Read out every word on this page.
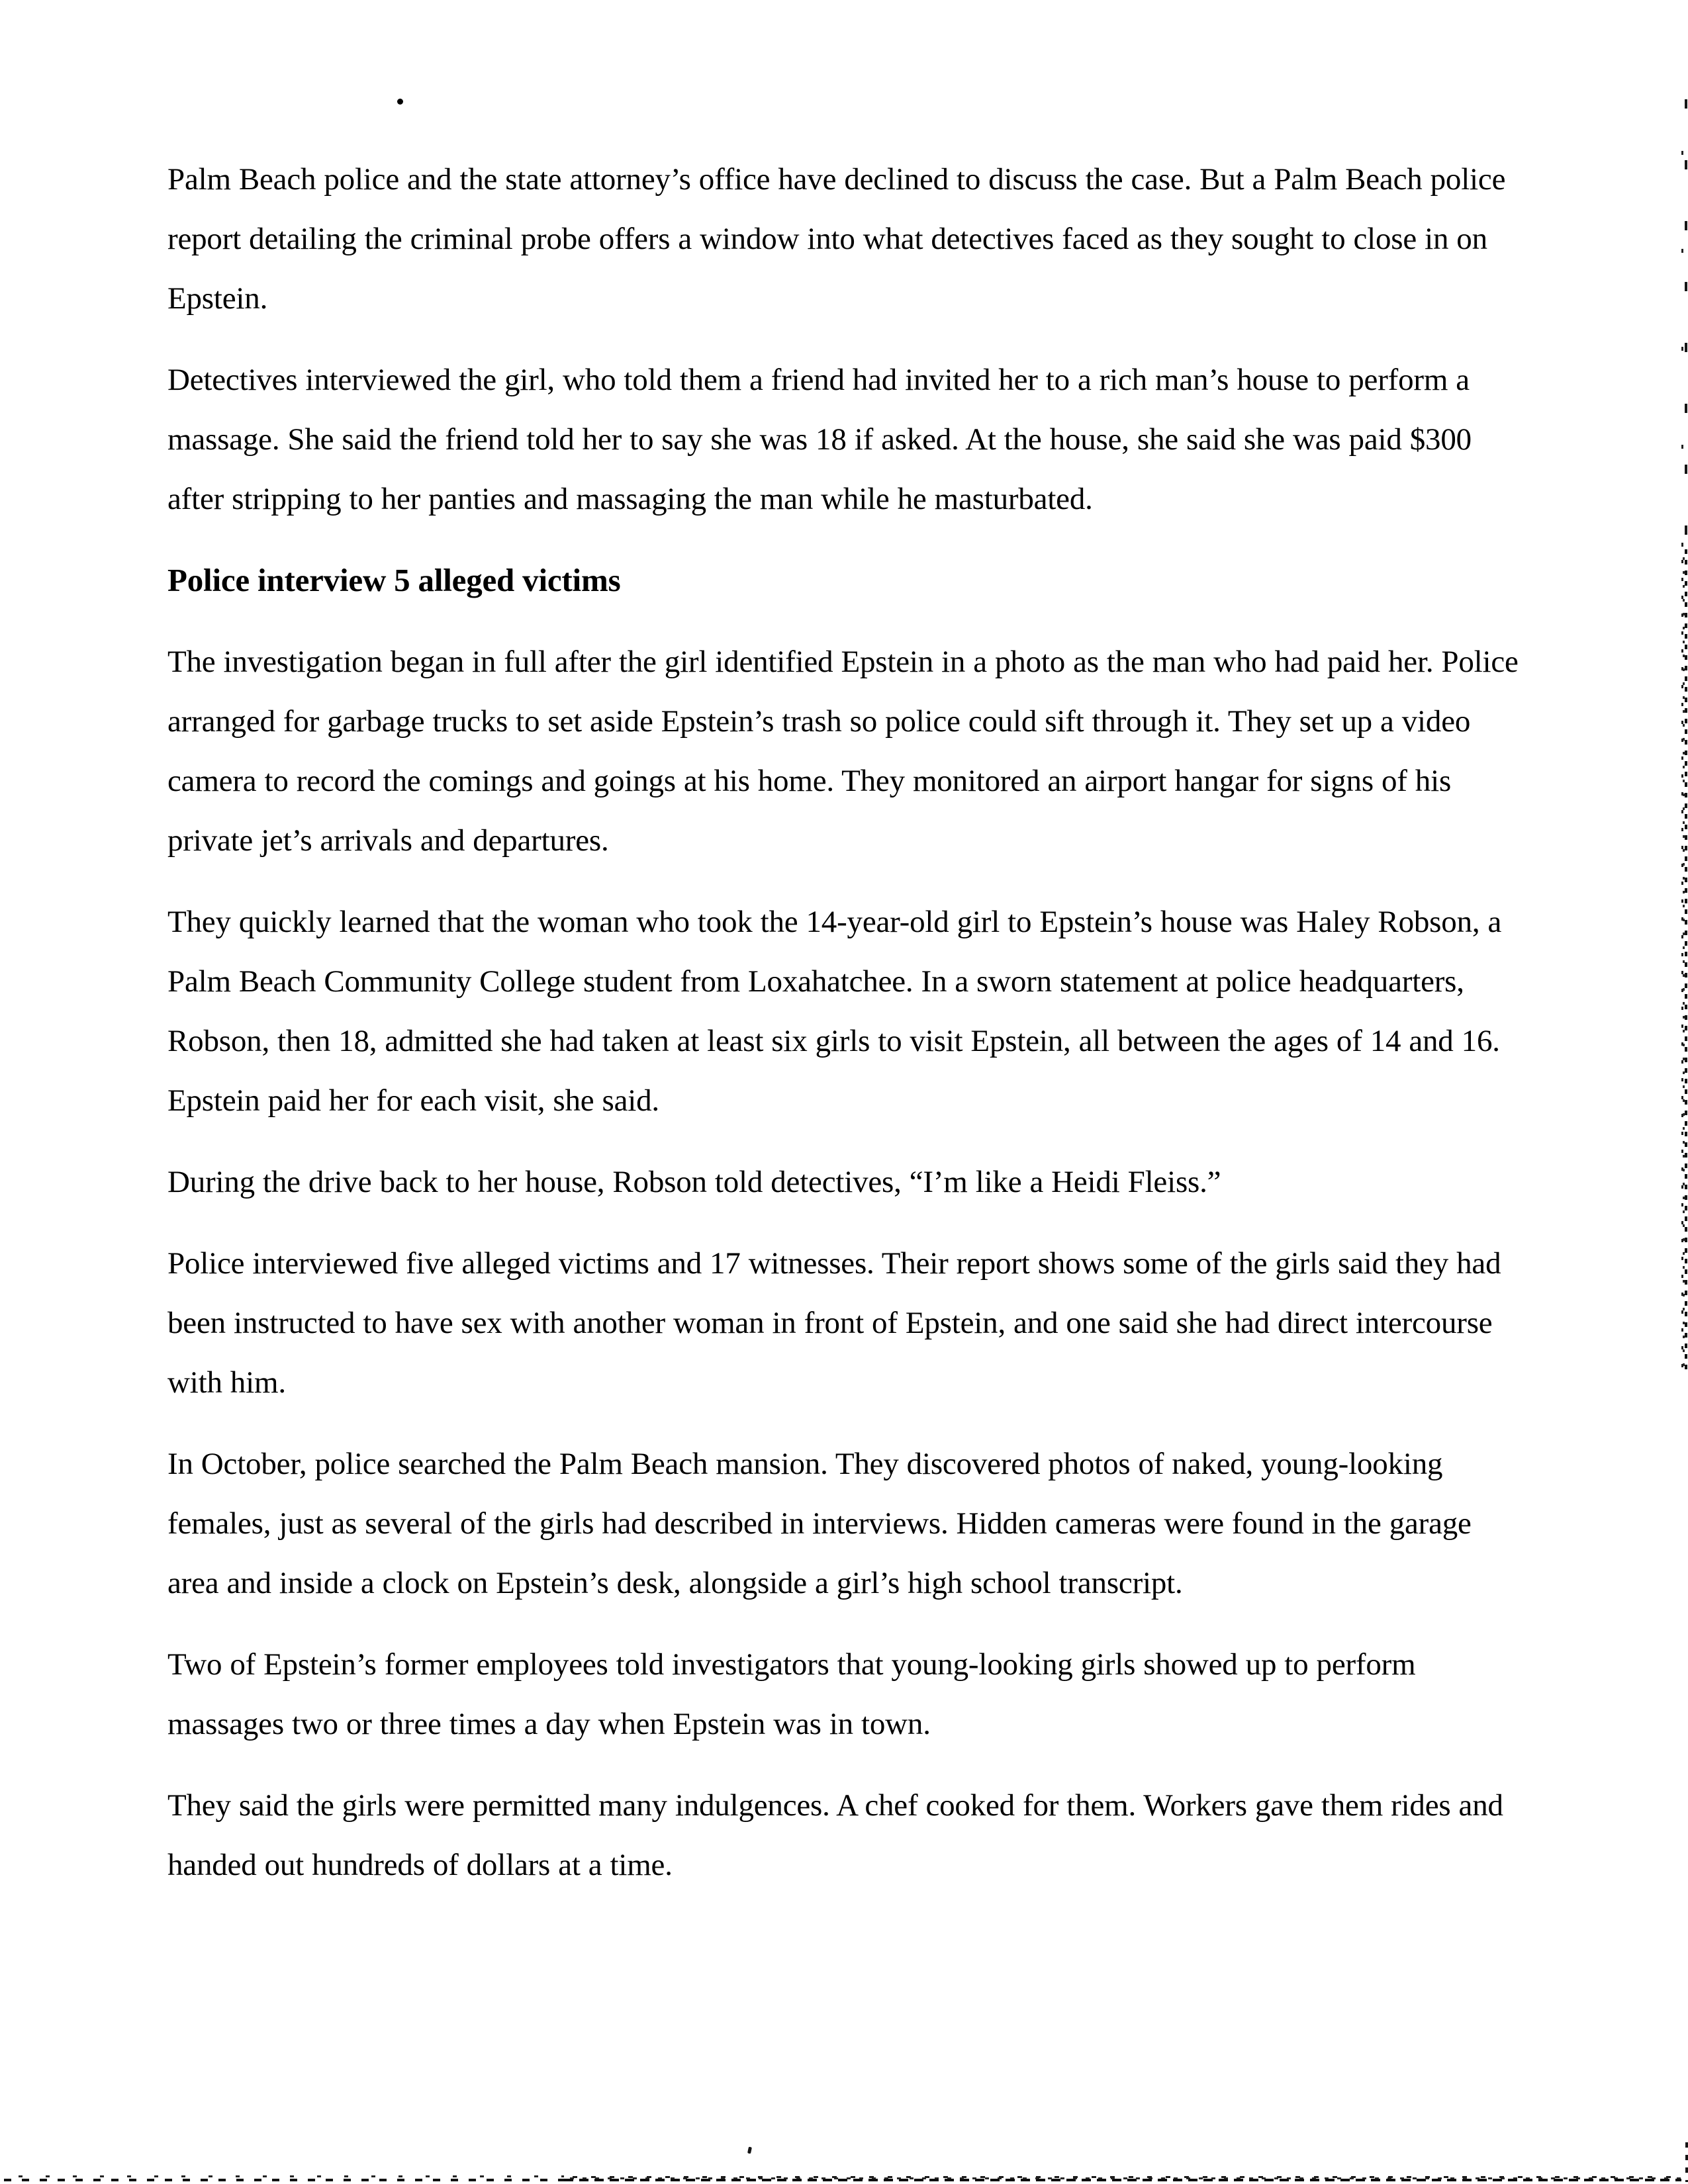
Palm Beach police and the state attorney’s office have declined to discuss the case. But a Palm Beach police report detailing the criminal probe offers a window into what detectives faced as they sought to close in on Epstein.

Detectives interviewed the girl, who told them a friend had invited her to a rich man’s house to perform a massage. She said the friend told her to say she was 18 if asked. At the house, she said she was paid $300 after stripping to her panties and massaging the man while he masturbated.

Police interview 5 alleged victims

The investigation began in full after the girl identified Epstein in a photo as the man who had paid her. Police arranged for garbage trucks to set aside Epstein’s trash so police could sift through it. They set up a video camera to record the comings and goings at his home. They monitored an airport hangar for signs of his private jet’s arrivals and departures.

They quickly learned that the woman who took the 14-year-old girl to Epstein’s house was Haley Robson, a Palm Beach Community College student from Loxahatchee. In a sworn statement at police headquarters, Robson, then 18, admitted she had taken at least six girls to visit Epstein, all between the ages of 14 and 16. Epstein paid her for each visit, she said.

During the drive back to her house, Robson told detectives, “I’m like a Heidi Fleiss.”

Police interviewed five alleged victims and 17 witnesses. Their report shows some of the girls said they had been instructed to have sex with another woman in front of Epstein, and one said she had direct intercourse with him.

In October, police searched the Palm Beach mansion. They discovered photos of naked, young-looking females, just as several of the girls had described in interviews. Hidden cameras were found in the garage area and inside a clock on Epstein’s desk, alongside a girl’s high school transcript.

Two of Epstein’s former employees told investigators that young-looking girls showed up to perform massages two or three times a day when Epstein was in town.

They said the girls were permitted many indulgences. A chef cooked for them. Workers gave them rides and handed out hundreds of dollars at a time.
